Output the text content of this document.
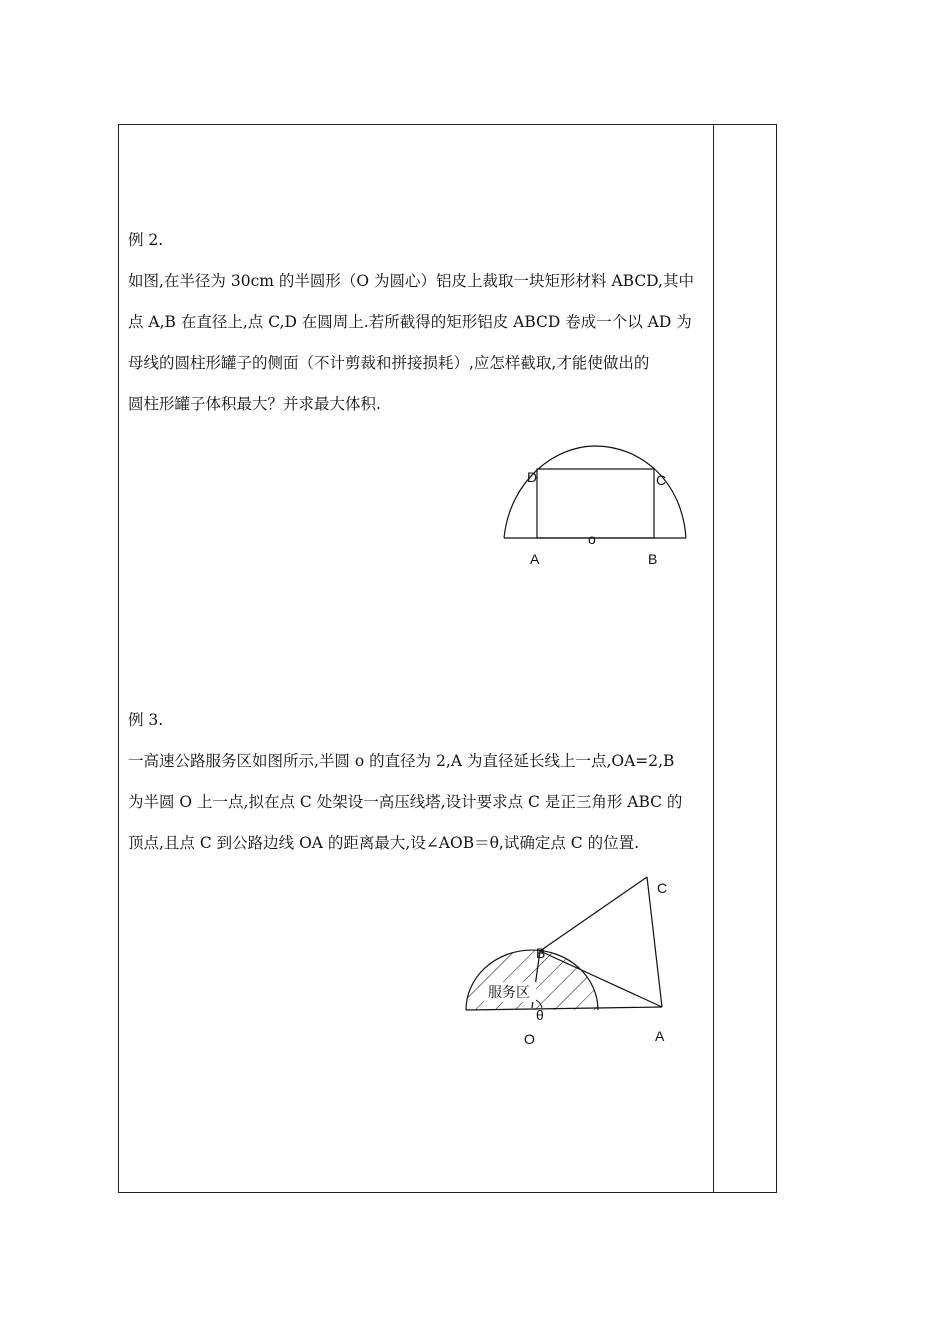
例 2.

如图,在半径为 30cm 的半圆形（O 为圆心）铝皮上裁取一块矩形材料 ABCD,其中

点 A,B 在直径上,点 C,D 在圆周上.若所截得的矩形铝皮 ABCD 卷成一个以 AD 为

母线的圆柱形罐子的侧面（不计剪裁和拼接损耗）,应怎样截取,才能使做出的

圆柱形罐子体积最大？并求最大体积.

例 3.

一高速公路服务区如图所示,半圆 o 的直径为 2,A 为直径延长线上一点,OA=2,B

为半圆 O 上一点,拟在点 C 处架设一高压线塔,设计要求点 C 是正三角形 ABC 的

顶点,且点 C 到公路边线 OA 的距离最大,设∠AOB＝θ,试确定点 C 的位置.

D	C
o
A	B
服务区
θ
C
B
O	A
